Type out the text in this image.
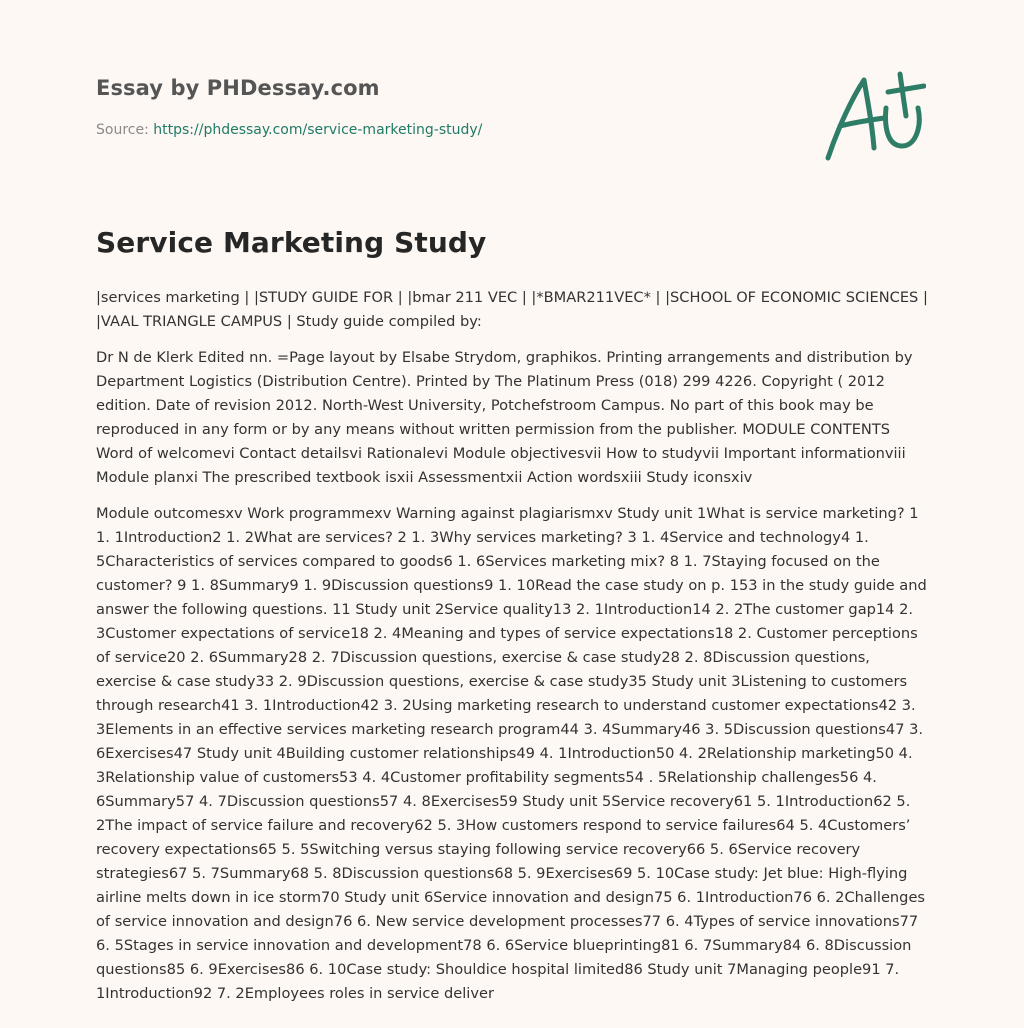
Essay by PHDessay.com
Source: https://phdessay.com/service-marketing-study/
Service Marketing Study

|services marketing | |STUDY GUIDE FOR | |bmar 211 VEC | |*BMAR211VEC* | |SCHOOL OF ECONOMIC SCIENCES | |VAAL TRIANGLE CAMPUS | Study guide compiled by:

Dr N de Klerk Edited nn. =Page layout by Elsabe Strydom, graphikos. Printing arrangements and distribution by Department Logistics (Distribution Centre). Printed by The Platinum Press (018) 299 4226. Copyright ( 2012 edition. Date of revision 2012. North-West University, Potchefstroom Campus. No part of this book may be reproduced in any form or by any means without written permission from the publisher. MODULE CONTENTS Word of welcomevi Contact detailsvi Rationalevi Module objectivesvii How to studyvii Important informationviii Module planxi The prescribed textbook isxii Assessmentxii Action wordsxiii Study iconsxiv

Module outcomesxv Work programmexv Warning against plagiarismxv Study unit 1What is service marketing? 1 1. 1Introduction2 1. 2What are services? 2 1. 3Why services marketing? 3 1. 4Service and technology4 1. 5Characteristics of services compared to goods6 1. 6Services marketing mix? 8 1. 7Staying focused on the customer? 9 1. 8Summary9 1. 9Discussion questions9 1. 10Read the case study on p. 153 in the study guide and answer the following questions. 11 Study unit 2Service quality13 2. 1Introduction14 2. 2The customer gap14 2. 3Customer expectations of service18 2. 4Meaning and types of service expectations18 2. Customer perceptions of service20 2. 6Summary28 2. 7Discussion questions, exercise & case study28 2. 8Discussion questions, exercise & case study33 2. 9Discussion questions, exercise & case study35 Study unit 3Listening to customers through research41 3. 1Introduction42 3. 2Using marketing research to understand customer expectations42 3. 3Elements in an effective services marketing research program44 3. 4Summary46 3. 5Discussion questions47 3. 6Exercises47 Study unit 4Building customer relationships49 4. 1Introduction50 4. 2Relationship marketing50 4. 3Relationship value of customers53 4. 4Customer profitability segments54 . 5Relationship challenges56 4. 6Summary57 4. 7Discussion questions57 4. 8Exercises59 Study unit 5Service recovery61 5. 1Introduction62 5. 2The impact of service failure and recovery62 5. 3How customers respond to service failures64 5. 4Customers’ recovery expectations65 5. 5Switching versus staying following service recovery66 5. 6Service recovery strategies67 5. 7Summary68 5. 8Discussion questions68 5. 9Exercises69 5. 10Case study: Jet blue: High-flying airline melts down in ice storm70 Study unit 6Service innovation and design75 6. 1Introduction76 6. 2Challenges of service innovation and design76 6. New service development processes77 6. 4Types of service innovations77 6. 5Stages in service innovation and development78 6. 6Service blueprinting81 6. 7Summary84 6. 8Discussion questions85 6. 9Exercises86 6. 10Case study: Shouldice hospital limited86 Study unit 7Managing people91 7. 1Introduction92 7. 2Employees roles in service deliver
